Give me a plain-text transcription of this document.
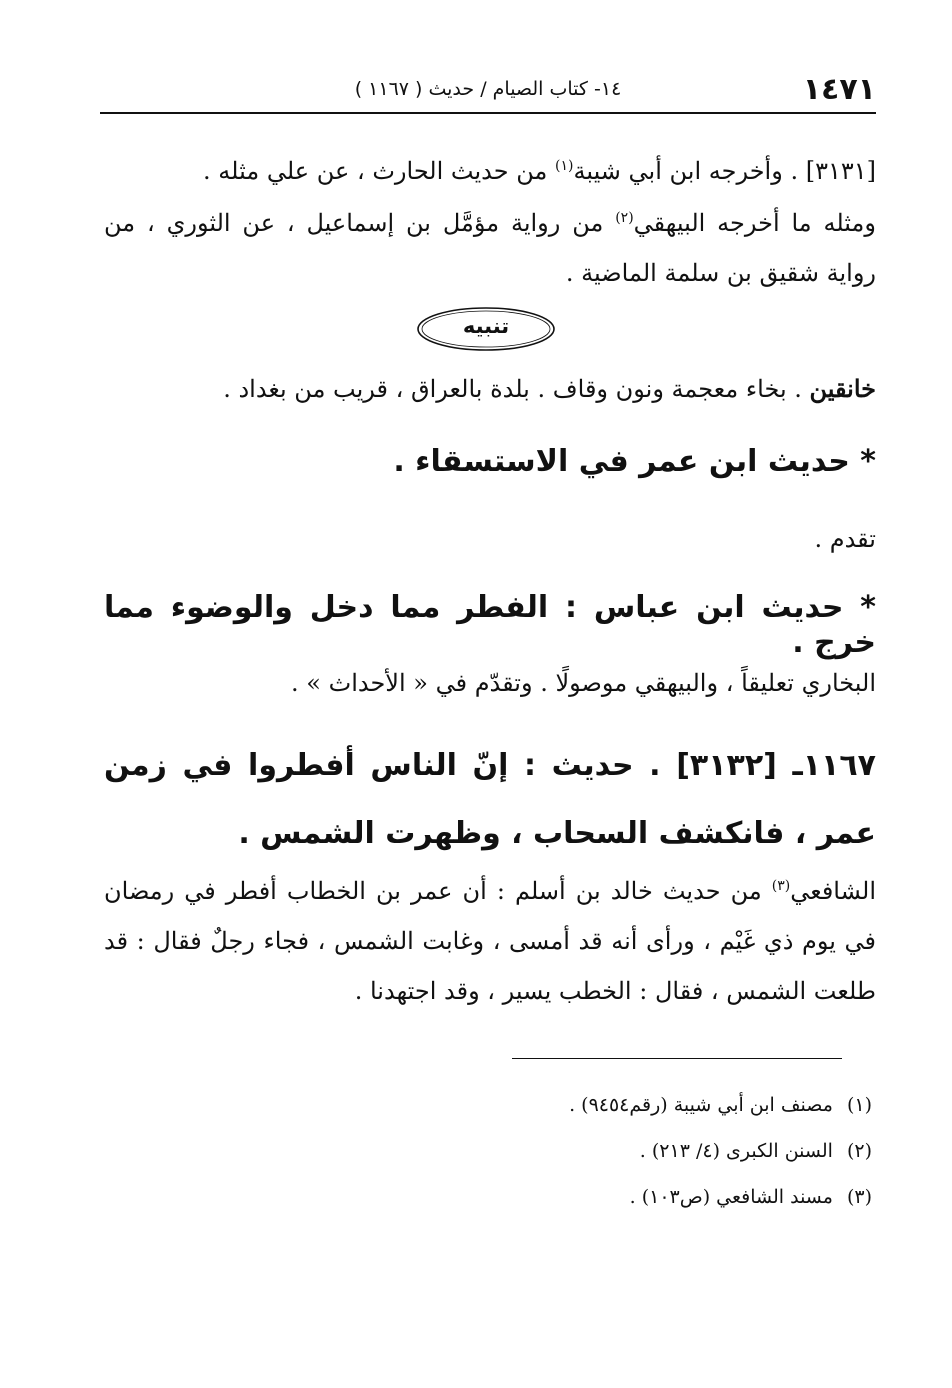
١٤٧١
١٤- كتاب الصيام / حديث ( ١١٦٧ )

[٣١٣١] . وأخرجه ابن أبي شيبة$^{(١)}$ من حديث الحارث ، عن علي مثله .

ومثله ما أخرجه البيهقي$^{(٢)}$ من رواية مؤمَّل بن إسماعيل ، عن الثوري ، من رواية شقيق بن سلمة الماضية .

تنبيه

خانقين . بخاء معجمة ونون وقاف . بلدة بالعراق ، قريب من بغداد .

* حديث ابن عمر في الاستسقاء .

تقدم .

* حديث ابن عباس : الفطر مما دخل والوضوء مما خرج .

البخاري تعليقاً ، والبيهقي موصولًا . وتقدّم في « الأحداث » .

١١٦٧ـ [٣١٣٢] . حديث : إنّ الناس أفطروا في زمن عمر ، فانكشف السحاب ، وظهرت الشمس .

الشافعي$^{(٣)}$ من حديث خالد بن أسلم : أن عمر بن الخطاب أفطر في رمضان في يوم ذي غَيْم ، ورأى أنه قد أمسى ، وغابت الشمس ، فجاء رجلٌ فقال : قد طلعت الشمس ، فقال : الخطب يسير ، وقد اجتهدنا .

(١)مصنف ابن أبي شيبة (رقم٩٤٥٤) .

(٢)السنن الكبرى (٤/ ٢١٣) .

(٣)مسند الشافعي (ص١٠٣) .
